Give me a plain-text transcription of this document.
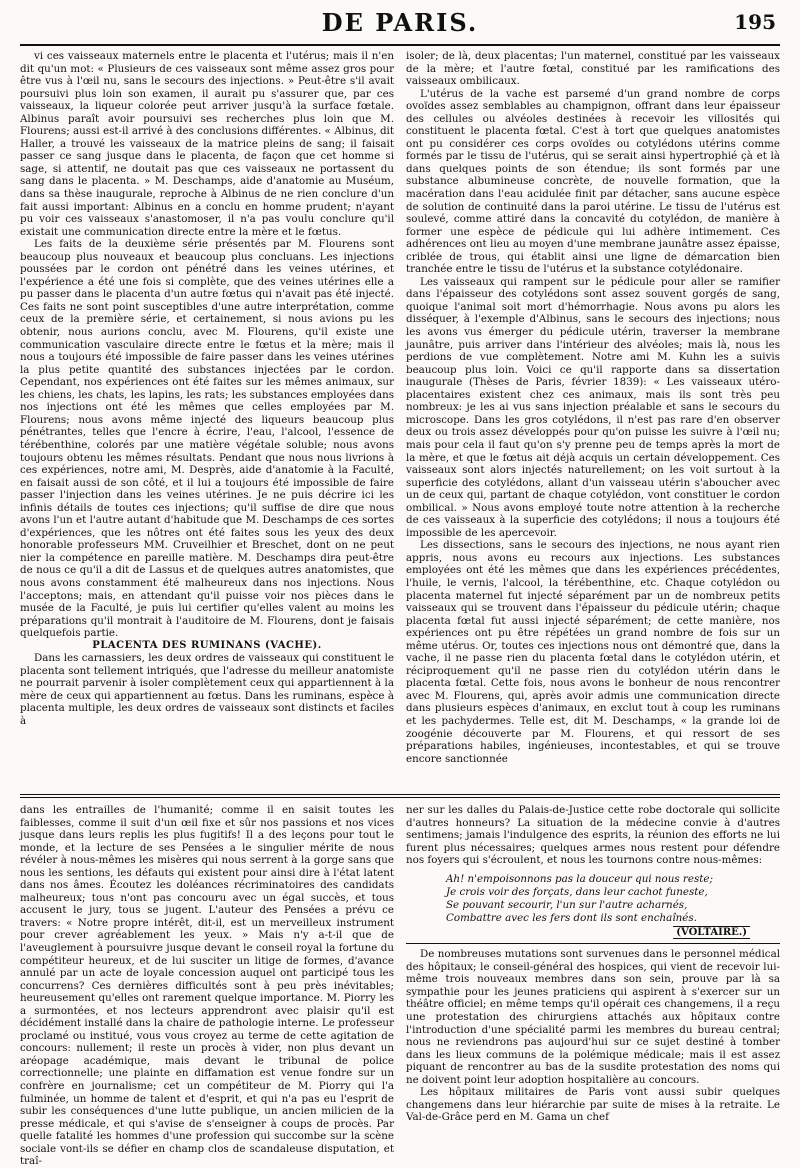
DE PARIS.	195

vi ces vaisseaux maternels entre le placenta et l'utérus; mais il n'en dit qu'un mot: « Plusieurs de ces vaisseaux sont même assez gros pour être vus à l'œil nu, sans le secours des injections. » Peut-être s'il avait poursuivi plus loin son examen, il aurait pu s'assurer que, par ces vaisseaux, la liqueur colorée peut arriver jusqu'à la surface fœtale. Albinus paraît avoir poursuivi ses recherches plus loin que M. Flourens; aussi est-il arrivé à des conclusions différentes. « Albinus, dit Haller, a trouvé les vaisseaux de la matrice pleins de sang; il faisait passer ce sang jusque dans le placenta, de façon que cet homme si sage, si attentif, ne doutait pas que ces vaisseaux ne portassent du sang dans le placenta. » M. Deschamps, aide d'anatomie au Muséum, dans sa thèse inaugurale, reproche à Albinus de ne rien conclure d'un fait aussi important: Albinus en a conclu en homme prudent; n'ayant pu voir ces vaisseaux s'anastomoser, il n'a pas voulu conclure qu'il existait une communication directe entre la mère et le fœtus.

Les faits de la deuxième série présentés par M. Flourens sont beaucoup plus nouveaux et beaucoup plus concluans. Les injections poussées par le cordon ont pénétré dans les veines utérines, et l'expérience a été une fois si complète, que des veines utérines elle a pu passer dans le placenta d'un autre fœtus qui n'avait pas été injecté. Ces faits ne sont point susceptibles d'une autre interprétation, comme ceux de la première série, et certainement, si nous avions pu les obtenir, nous aurions conclu, avec M. Flourens, qu'il existe une communication vasculaire directe entre le fœtus et la mère; mais il nous a toujours été impossible de faire passer dans les veines utérines la plus petite quantité des substances injectées par le cordon. Cependant, nos expériences ont été faites sur les mêmes animaux, sur les chiens, les chats, les lapins, les rats; les substances employées dans nos injections ont été les mêmes que celles employées par M. Flourens; nous avons même injecté des liqueurs beaucoup plus pénétrantes, telles que l'encre à écrire, l'eau, l'alcool, l'essence de térébenthine, colorés par une matière végétale soluble; nous avons toujours obtenu les mêmes résultats. Pendant que nous nous livrions à ces expériences, notre ami, M. Desprès, aide d'anatomie à la Faculté, en faisait aussi de son côté, et il lui a toujours été impossible de faire passer l'injection dans les veines utérines. Je ne puis décrire ici les infinis détails de toutes ces injections; qu'il suffise de dire que nous avons l'un et l'autre autant d'habitude que M. Deschamps de ces sortes d'expériences, que les nôtres ont été faites sous les yeux des deux honorable professeurs MM. Cruveilhier et Breschet, dont on ne peut nier la compétence en pareille matière. M. Deschamps dira peut-être de nous ce qu'il a dit de Lassus et de quelques autres anatomistes, que nous avons constamment été malheureux dans nos injections. Nous l'acceptons; mais, en attendant qu'il puisse voir nos pièces dans le musée de la Faculté, je puis lui certifier qu'elles valent au moins les préparations qu'il montrait à l'auditoire de M. Flourens, dont je faisais quelquefois partie.

PLACENTA DES RUMINANS (VACHE).

Dans les carnassiers, les deux ordres de vaisseaux qui constituent le placenta sont tellement intriqués, que l'adresse du meilleur anatomiste ne pourrait parvenir à isoler complètement ceux qui appartiennent à la mère de ceux qui appartiennent au fœtus. Dans les ruminans, espèce à placenta multiple, les deux ordres de vaisseaux sont distincts et faciles à

isoler; de là, deux placentas; l'un maternel, constitué par les vaisseaux de la mère; et l'autre fœtal, constitué par les ramifications des vaisseaux ombilicaux.

L'utérus de la vache est parsemé d'un grand nombre de corps ovoïdes assez semblables au champignon, offrant dans leur épaisseur des cellules ou alvéoles destinées à recevoir les villosités qui constituent le placenta fœtal. C'est à tort que quelques anatomistes ont pu considérer ces corps ovoïdes ou cotylédons utérins comme formés par le tissu de l'utérus, qui se serait ainsi hypertrophié çà et là dans quelques points de son étendue; ils sont formés par une substance albumineuse concrète, de nouvelle formation, que la macération dans l'eau acidulée finit par détacher, sans aucune espèce de solution de continuité dans la paroi utérine. Le tissu de l'utérus est soulevé, comme attiré dans la concavité du cotylédon, de manière à former une espèce de pédicule qui lui adhère intimement. Ces adhérences ont lieu au moyen d'une membrane jaunâtre assez épaisse, criblée de trous, qui établit ainsi une ligne de démarcation bien tranchée entre le tissu de l'utérus et la substance cotylédonaire.

Les vaisseaux qui rampent sur le pédicule pour aller se ramifier dans l'épaisseur des cotylédons sont assez souvent gorgés de sang, quoique l'animal soit mort d'hémorrhagie. Nous avons pu alors les disséquer, à l'exemple d'Albinus, sans le secours des injections; nous les avons vus émerger du pédicule utérin, traverser la membrane jaunâtre, puis arriver dans l'intérieur des alvéoles; mais là, nous les perdions de vue complètement. Notre ami M. Kuhn les a suivis beaucoup plus loin. Voici ce qu'il rapporte dans sa dissertation inaugurale (Thèses de Paris, février 1839): « Les vaisseaux utéro-placentaires existent chez ces animaux, mais ils sont très peu nombreux: je les ai vus sans injection préalable et sans le secours du microscope. Dans les gros cotylédons, il n'est pas rare d'en observer deux ou trois assez développés pour qu'on puisse les suivre à l'œil nu; mais pour cela il faut qu'on s'y prenne peu de temps après la mort de la mère, et que le fœtus ait déjà acquis un certain développement. Ces vaisseaux sont alors injectés naturellement; on les voit surtout à la superficie des cotylédons, allant d'un vaisseau utérin s'aboucher avec un de ceux qui, partant de chaque cotylédon, vont constituer le cordon ombilical. » Nous avons employé toute notre attention à la recherche de ces vaisseaux à la superficie des cotylédons; il nous a toujours été impossible de les apercevoir.

Les dissections, sans le secours des injections, ne nous ayant rien appris, nous avons eu recours aux injections. Les substances employées ont été les mêmes que dans les expériences précédentes, l'huile, le vernis, l'alcool, la térébenthine, etc. Chaque cotylédon ou placenta maternel fut injecté séparément par un de nombreux petits vaisseaux qui se trouvent dans l'épaisseur du pédicule utérin; chaque placenta fœtal fut aussi injecté séparément; de cette manière, nos expériences ont pu être répétées un grand nombre de fois sur un même utérus. Or, toutes ces injections nous ont démontré que, dans la vache, il ne passe rien du placenta fœtal dans le cotylédon utérin, et réciproquement qu'il ne passe rien du cotylédon utérin dans le placenta fœtal. Cette fois, nous avons le bonheur de nous rencontrer avec M. Flourens, qui, après avoir admis une communication directe dans plusieurs espèces d'animaux, en exclut tout à coup les ruminans et les pachydermes. Telle est, dit M. Deschamps, « la grande loi de zoogénie découverte par M. Flourens, et qui ressort de ses préparations habiles, ingénieuses, incontestables, et qui se trouve encore sanctionnée

dans les entrailles de l'humanité; comme il en saisit toutes les faiblesses, comme il suit d'un œil fixe et sûr nos passions et nos vices jusque dans leurs replis les plus fugitifs! Il a des leçons pour tout le monde, et la lecture de ses Pensées a le singulier mérite de nous révéler à nous-mêmes les misères qui nous serrent à la gorge sans que nous les sentions, les défauts qui existent pour ainsi dire à l'état latent dans nos âmes. Écoutez les doléances récriminatoires des candidats malheureux; tous n'ont pas concouru avec un égal succès, et tous accusent le jury, tous se jugent. L'auteur des Pensées a prévu ce travers: « Notre propre intérêt, dit-il, est un merveilleux instrument pour crever agréablement les yeux. » Mais n'y a-t-il que de l'aveuglement à poursuivre jusque devant le conseil royal la fortune du compétiteur heureux, et de lui susciter un litige de formes, d'avance annulé par un acte de loyale concession auquel ont participé tous les concurrens? Ces dernières difficultés sont à peu près inévitables; heureusement qu'elles ont rarement quelque importance. M. Piorry les a surmontées, et nos lecteurs apprendront avec plaisir qu'il est décidément installé dans la chaire de pathologie interne. Le professeur proclamé ou institué, vous vous croyez au terme de cette agitation de concours: nullement; il reste un procès à vider, non plus devant un aréopage académique, mais devant le tribunal de police correctionnelle; une plainte en diffamation est venue fondre sur un confrère en journalisme; cet un compétiteur de M. Piorry qui l'a fulminée, un homme de talent et d'esprit, et qui n'a pas eu l'esprit de subir les conséquences d'une lutte publique, un ancien milicien de la presse médicale, et qui s'avise de s'enseigner à coups de procès. Par quelle fatalité les hommes d'une profession qui succombe sur la scène sociale vont-ils se défier en champ clos de scandaleuse disputation, et traî-

ner sur les dalles du Palais-de-Justice cette robe doctorale qui sollicite d'autres honneurs? La situation de la médecine convie à d'autres sentimens; jamais l'indulgence des esprits, la réunion des efforts ne lui furent plus nécessaires; quelques armes nous restent pour défendre nos foyers qui s'écroulent, et nous les tournons contre nous-mêmes:

Ah! n'empoisonnons pas la douceur qui nous reste;
Je crois voir des forçats, dans leur cachot funeste,
Se pouvant secourir, l'un sur l'autre acharnés,
Combattre avec les fers dont ils sont enchaînés.
(VOLTAIRE.)

De nombreuses mutations sont survenues dans le personnel médical des hôpitaux; le conseil-général des hospices, qui vient de recevoir lui-même trois nouveaux membres dans son sein, prouve par là sa sympathie pour les jeunes praticiens qui aspirent à s'exercer sur un théâtre officiel; en même temps qu'il opérait ces changemens, il a reçu une protestation des chirurgiens attachés aux hôpitaux contre l'introduction d'une spécialité parmi les membres du bureau central; nous ne reviendrons pas aujourd'hui sur ce sujet destiné à tomber dans les lieux communs de la polémique médicale; mais il est assez piquant de rencontrer au bas de la susdite protestation des noms qui ne doivent point leur adoption hospitalière au concours.

Les hôpitaux militaires de Paris vont aussi subir quelques changemens dans leur hiérarchie par suite de mises à la retraite. Le Val-de-Grâce perd en M. Gama un chef
